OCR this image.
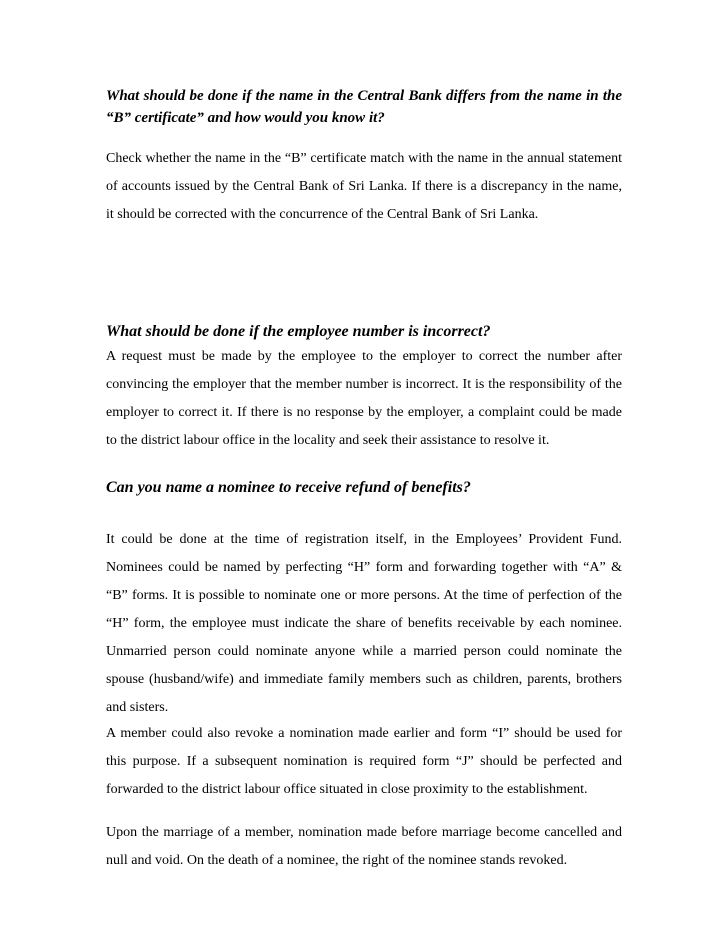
What should be done if the name in the Central Bank differs from the name in the “B” certificate” and how would you know it?

Check whether the name in the “B” certificate match with the name in the annual statement of accounts issued by the Central Bank of Sri Lanka. If there is a discrepancy in the name, it should be corrected with the concurrence of the Central Bank of Sri Lanka.

What should be done if the employee number is incorrect?

A request must be made by the employee to the employer to correct the number after convincing the employer that the member number is incorrect. It is the responsibility of the employer to correct it. If there is no response by the employer, a complaint could be made to the district labour office in the locality and seek their assistance to resolve it.

Can you name a nominee to receive refund of benefits?

It could be done at the time of registration itself, in the Employees’ Provident Fund. Nominees could be named by perfecting “H” form and forwarding together with “A” & “B” forms. It is possible to nominate one or more persons. At the time of perfection of the “H” form, the employee must indicate the share of benefits receivable by each nominee. Unmarried person could nominate anyone while a married person could nominate the spouse (husband/wife) and immediate family members such as children, parents, brothers and sisters.

A member could also revoke a nomination made earlier and form “I” should be used for this purpose. If a subsequent nomination is required form “J” should be perfected and forwarded to the district labour office situated in close proximity to the establishment.

Upon the marriage of a member, nomination made before marriage become cancelled and null and void. On the death of a nominee, the right of the nominee stands revoked.
